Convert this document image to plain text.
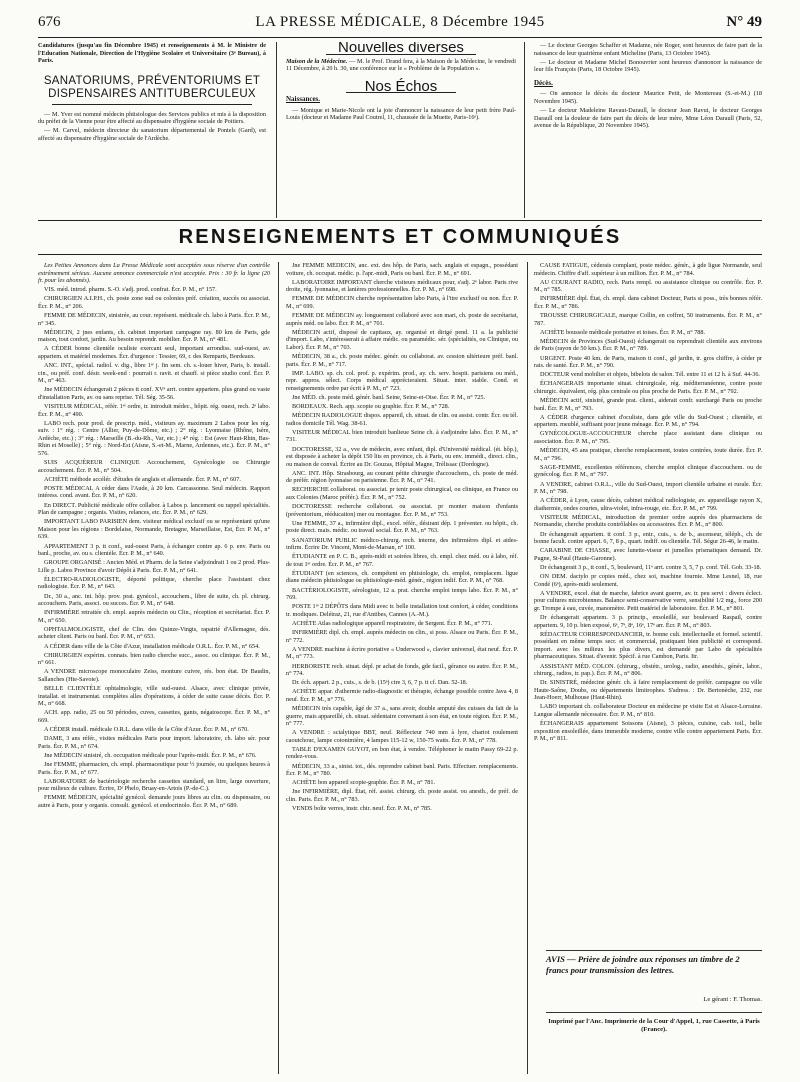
676	LA PRESSE MÉDICALE, 8 Décembre 1945	N° 49

Candidatures (jusqu'au fin Décembre 1945) et renseignements à M. le Ministre de l'Education Nationale, Direction de l'Hygiène Scolaire et Universitaire (3ᵉ Bureau), à Paris.

SANATORIUMS, PRÉVENTORIUMS ET DISPENSAIRES ANTITUBERCULEUX

— M. Yver est nommé médecin phtisiologue des Services publics et mis à la disposition du préfet de la Vienne pour être affecté au dispensaire d'hygiène sociale de Poitiers.

— M. Carvel, médecin directeur du sanatorium départemental de Pontels (Gard), est affecté au dispensaire d'hygiène sociale de l'Ardèche.

Nouvelles diverses

Maison de la Médecine. — M. le Prof. Drand fera, à la Maison de la Médecine, le vendredi 11 Décembre, à 20 h. 30, une conférence sur le « Problème de la Population ».

Nos Échos
Naissances.

— Monique et Marie-Nicole ont la joie d'annoncer la naissance de leur petit frère Paul-Louis (docteur et Madame Paul Coutrel, 11, chaussée de la Muette, Paris-16ᵉ).

— Le docteur Georges Schaffer et Madame, née Roger, sont heureux de faire part de la naissance de leur quatrième enfant Micheline (Paris, 13 Octobre 1945).

— Le docteur et Madame Michel Bonouvrier sont heureux d'annoncer la naissance de leur fils François (Paris, 18 Octobre 1945).

Décès.

— On annonce le décès du docteur Maurice Petit, de Montereau (S.-et-M.) (18 Novembre 1945).

— Le docteur Madeleine Ravaut-Daraull, le docteur Jean Ravut, le docteur Georges Daraull ont la douleur de faire part du décès de leur mère, Mme Léon Daraull (Paris, 52, avenue de la République, 20 Novembre 1945).

RENSEIGNEMENTS ET COMMUNIQUÉS

Les Petites Annonces dans La Presse Médicale sont acceptées sous réserve d'un contrôle extrêmement sérieux. Aucune annonce commerciale n'est acceptée. Prix : 30 fr. la ligne (20 fr. pour les abonnés).

VIS. méd. introd. pharm. S.-O. s'adj. prod. confrat. Écr. P. M., n° 157.

CHIRURGIEN A.I.P.H., ch. poste zone sud ou colonies préf. création, succès ou associat. Écr. P. M., n° 206.

FEMME DE MÉDECIN, sinistrée, au cour. représent. médicale ch. labo à Paris. Écr. P. M., n° 345.

MÉDECIN, 2 jnes enfants, ch. cabinet important campagne ray. 80 km de Paris, gde maison, tout confort, jardin. Au besoin reprendr. mobilier. Écr. P. M., n° 481.

A CÉDER bonne clientèle oculiste exercant seul, important arrondiss. sud-ouest, av. appartem. et matériel modernes. Écr. d'urgence : Tessier, 69, r. des Remparts, Bordeaux.

ANC. INT., spécial. radiol. v. dig., libre 1ᵉʳ j. fin sem. ch. s.-louer hiver, Paris, b. install. cin., ou préf. conf. désir. week-end : pourrait r. ravit. et chauff. si pièce studio conf. Écr. P. M., n° 463.

Jne MÉDECIN échangerait 2 pièces tt conf. XVᵉ arrt. contre appartem. plus grand ou vaste d'installation Paris, av. ou sans reprise. Tél. Ség. 35-56.

VISITEUR MÉDICAL, référ. 1ᵉʳ ordre, tr. introduit médec., hôpit. rég. ouest, rech. 2ᵉ labo. Écr. P. M., n° 490.

LABO rech. pour prod. de prescrip. méd., visiteurs ay. maximum 2 Labos pour les rég. suiv. : 1° rég. : Centre (Allier, Puy-de-Dôme, etc.) ; 2° rég. : Lyonnaise (Rhône, Isère, Ardèche, etc.) ; 3° rég. : Marseille (B.-du-Rh., Var, etc.) ; 4° rég. : Est (avec Haut-Rhin, Bas-Rhin et Moselle) ; 5° rég. : Nord-Est (Aisne, S.-et-M., Marne, Ardennes, etc.). Écr. P. M., n° 576.

SUIS ACQUÉREUR CLINIQUE Accouchement, Gynécologie ou Chirurgie accouchement. Écr. P. M., n° 504.

ACHÈTE méthode accélér. d'études de anglais et allemande. Écr. P. M., n° 607.

POSTE MÉDICAL A céder dans l'Aude, à 20 km. Carcassonne. Seul médecin. Rapport intéress. cond. avant. Écr. P. M., n° 620.

En DIRECT. Publicité médicale offre collabor. à Labos p. lancement ou rappel spécialités. Plan de campagne ; organis. Visites, relances, etc. Écr. P. M., n° 629.

IMPORTANT LABO PARISIEN dem. visiteur médical exclusif ou se représentant qu'une Maison pour les régions : Bordelaise, Normande, Bretagne, Marseillaise, Est, Écr. P. M., n° 639.

APPARTEMENT 3 p. tt conf., sud-ouest Paris, à échanger contre ap. 6 p. env. Paris ou banl., proche, av. ou s. clientèle. Écr. P. M., n° 640.

GROUPE ORGANISÉ : Ancien Méd. et Pharm. de la Seine s'adjoindrait 1 ou 2 prod. Plus-Lille p. Labos Province d'avoir Dépôt à Paris. Écr. P. M., n° 641.

ÉLECTRO-RADIOLOGISTE, déporté politique, cherche place l'assistant chez radiologiste. Écr. P. M., n° 643.

Dr., 30 a., anc. int. hôp. prov. prat. gynécol., accouchem., libre de suite, ch. pl. chirurg. accouchem. Paris, associ. ou succes. Écr. P. M., n° 648.

INFIRMIÈRE retraitée ch. empl. auprès médecin ou Clin., réception et secrétariat. Écr. P. M., n° 650.

OPHTALMOLOGISTE, chef de Clin. des Quinze-Vingts, rapatrié d'Allemagne, dés. acheter client. Paris ou banl. Écr. P. M., n° 653.

A CÉDER dans ville de la Côte d'Azur, installation médicale O.R.L. Écr. P. M., n° 654.

CHIRURGIEN expérim. connais. bien radio cherche succ., assoc. ou clinique. Écr. P. M., n° 661.

A VENDRE microscope monoculaire Zeiss, monture cuivre, rés. bon état. Dr Baudin, Sallanches (Hte-Savoie).

BELLE CLIENTÈLE ophtalmologie, ville sud-ouest. Alsace, avec clinique privée, installat. et instrumentat. complètes alles d'opérations, à céder de suite cause décès. Écr. P. M., n° 668.

ACH. app. radio, 25 ou 50 périodes, cuves, cassettes, gants, négatoscope. Écr. P. M., n° 669.

A CÉDER install. médicale O.R.L. dans ville de la Côte d'Azur. Écr. P. M., n° 670.

DAME, 3 ans référ., visites médicales Paris pour import. laboratoire, ch. labo sér. pour Paris. Écr. P. M., n° 674.

Jne MÉDECIN sinistré, ch. occupation médicale pour l'après-midi. Écr. P. M., n° 676.

Jne FEMME, pharmacien, ch. empl. pharmaceutique pour ½ journée, ou quelques heures à Paris. Écr. P. M., n° 677.

LABORATOIRE de bactériologie recherche cassettes standard, un litre, large ouverture, pour milieux de culture. Écrire, Dʳ Phelo, Bruay-en-Artois (P.-de-C.).

FEMME MÉDECIN, spécialité gynécol. demande jours libres au clin. ou dispensaire, ou autre à Paris, pour y organis. consult. gynécol. et endocrinolo. Écr. P. M., n° 689.

Jne FEMME MÉDECIN, anc. ext. des hôp. de Paris, sach. anglais et espagn., possédant voiture, ch. occupat. médic. p. l'apr.-midi, Paris ou banl. Écr. P. M., n° 691.

LABORATOIRE IMPORTANT cherche visiteurs médicaux pour, s'adj. 2ᵉ labor. Paris rive droite, rég. lyonnaise, et lanières professionnelles. Écr. P. M., n° 698.

FEMME DE MÉDECIN cherche représentation labo Paris, à l'itre exclusif ou non. Écr. P. M., n° 699.

FEMME DE MÉDECIN ay. longuement collaboré avec son mari, ch. poste de secrétariat, auprès méd. ou labo. Écr. P. M., n° 701.

MÉDECIN actif, disposé de capitaux, ay. organisé et dirigé pend. 11 a. la publicité d'import. Labo, s'intéresserait à affaire médic. ou paramédic. sér. (spécialités, ou Clinique, ou Labor). Écr. P. M., n° 703.

MÉDECIN, 38 a., ch. poste médec. génér. ou collaborat. av. cession ultérieure préf. banl. paris. Écr. P. M., n° 717.

IMP. LABO. sp. ch. col. prof. p. expérim. prod., ay. ch. serv. hospit. parisiens ou méd., repr. appros. sélect. Corps médical apprécieraient. Situat. inter. stable. Cond. et renseignements ordre par écrit à P. M., n° 723.

Jne MÉD. ch. poste méd. génér. banl. Seine, Seine-et-Oise. Écr. P. M., n° 725.

BORDEAUX. Rech. app. scopie ou graphie. Écr. P. M., n° 728.

MÉDECIN RADIOLOGUE dispos. appareil, ch. situat. de clin. ou assist. contr. Écr. ou tél. radios domicile Tél. Wag. 38-61.

VISITEUR MÉDICAL bien introduit banlieue Seine ch. à s'adjoindre labo. Écr. P. M., n° 731.

DOCTORESSE, 32 a., vve de médecin, avec enfant, dipl. d'Université médical. (ét. hôp.), est disposée à acheter la dépôt 150 lits en province, ch. à Paris, ou env. immédi., direct. clin., ou maison de conval. Écrire au Dr. Gouzas, Hôpital Magne, Trélissac (Dordogne).

ANC. INT. Hôp. Strasbourg, au courant pétite chirurgie d'accouchem., ch. poste de méd. de préfér. région lyonnaise ou parisienne. Écr. P. M., n° 741.

RECHERCHE collaborat. ou associat. pr tenir poste chirurgical, ou clinique, en France ou aux Colonies (Maroc préfér.). Écr. P. M., n° 752.

DOCTORESSE recherche collaborat. ou associat. pr monter maison d'enfants (préventorium, rééducation) mer ou montagne. Écr. P. M., n° 753.

Une FEMME, 37 a., infirmière dipl., excel. référ., désirant dép. 1 préventer. ou hôpit., ch. poste direct. mais. médic. ou travail social. Écr. P. M., n° 763.

SANATORIUM PUBLIC médico-chirurg. rech. interne, des infirmières dipl. et aides-infirm. Écrire Dr. Vincent, Mont-de-Marsan, n° 100.

ÉTUDIANTE en P. C. B., après-midi et soirées libres, ch. empl. chez méd. ou à labo, réf. de tout 1ᵉʳ ordre. Écr. P. M., n° 767.

ÉTUDIANT (en sciences, ch. compétent en phtisiologie, ch. emploi, remplacem. ligue diane médecin phtisiologue ou phtisiologie-méd. génér., région indif. Écr. P. M., n° 768.

BACTÉRIOLOGISTE, sérologiste, 12 a. prat. cherche emploi temps labo. Écr. P. M., n° 769.

POSTE 1ʳᵉ 2 DÉPÔTS dans Midi avec tr. belle installation tout confort, à céder, conditions tr. modiques. Delétraz, 21, rue d'Antibes, Cannes (A.-M.).

ACHÈTE Atlas radiologique appareil respiratoire, de Sergent. Écr. P. M., n° 771.

INFIRMIÈRE dipl. ch. empl. auprès médecin ou clin., si poss. Alsace ou Paris. Écr. P. M., n° 772.

A VENDRE machine à écrire portative « Underwood », clavier universel, état neuf. Écr. P. M., n° 773.

HERBORISTE rech. situat. dépl. pr achat de fonds, gde facil., gérance ou autre. Écr. P. M., n° 774.

Dr. éch. appart. 2 p., cuis., s. de b. (15ᵉ) ctre 3, 6, 7 p. tt cf. Dan. 52-18.

ACHÈTE appar. d'athermie radio-diagnostic et thérapie, échange possible contre Java 4, 8 neuf. Écr. P. M., n° 776.

MÉDECIN très capable, âgé de 37 a., sans avoir, double amputé des cuisses du fait de la guerre, mais appareillé, ch. situat. sédentaire convenant à son état, en toute région. Écr. P. M., n° 777.

A VENDRE : scialytique BBT, neuf. Réflecteur 740 mm à lyre, chariot roulement caoutchouc, lampe cotonimière, 4 lampes 115-12 w, 150-75 watts. Écr. P. M., n° 778.

TABLE D'EXAMEN GUYOT, en bon état, à vendre. Téléphoner le matin Passy 69-22 p. rendez-vous.

MÉDECIN, 33 a., sinist. tot., dés. reprendre cabinet banl. Paris. Effectuer. remplacements. Écr. P. M., n° 780.

ACHÈTE bon appareil scopie-graphie. Écr. P. M., n° 781.

Jne INFIRMIÈRE, dipl. État, réf. assist. chirurg. ch. poste assist. ou anesth., de préf. de clin. Paris. Écr. P. M., n° 783.

VENDS boîte verres, instr. chir. neuf. Écr. P. M., n° 785.

CAUSE FATIGUE, céderais complant, poste médec. génér., à gde ligue Normande, seul médecin. Chiffre d'aff. supérieur à un million. Écr. P. M., n° 784.

AU COURANT RADIO, rech. Paris rempl. ou assistance clinique ou contrôle. Écr. P. M., n° 785.

INFIRMIÈRE dipl. État, ch. empl. dans cabinet Docteur, Paris si poss., très bonnes référ. Écr. P. M., n° 786.

TROUSSE CHIRURGICALE, marque Collin, en coffret, 50 instruments. Écr. P. M., n° 787.

ACHÈTE boussole médicale portative et toises. Écr. P. M., n° 788.

MÉDECIN de Provinces (Sud-Ouest) échangerait ou reprendrait clientèle aux environs de Paris (rayon de 50 km.). Écr. P. M., n° 789.

URGENT. Poste 40 km. de Paris, maison tt conf., gd jardin, tr. gros chiffre, à céder pr rais. de santé. Écr. P. M., n° 790.

DOCTEUR vend mobilier et objets, bibelots de salon. Tél. entre 11 et 12 h. à Suf. 44-36.

ÉCHANGERAIS importante situat. chirurgicale, rég. méditerranéenne, contre poste chirurgic. équivalent, rég. plus centrale ou plus proche de Paris. Écr. P. M., n° 792.

MÉDECIN actif, sinistré, grande prat. client., aiderait confr. surchargé Paris ou proche banl. Écr. P. M., n° 793.

A CÉDER d'urgence cabinet d'oculiste, dans gde ville du Sud-Ouest ; clientèle, et appartem. meublé, suffisant pour jeune ménage. Écr. P. M., n° 794.

GYNÉCOLOGUE-ACCOUCHEUR cherche place assistant dans clinique ou association. Écr. P. M., n° 795.

MÉDECIN, 45 ans pratique, cherche remplacement, toutes contrées, toute durée. Écr. P. M., n° 796.

SAGE-FEMME, excellentes références, cherche emploi clinique d'accouchem. ou de gynécolog. Écr. P. M., n° 797.

A VENDRE, cabinet O.R.L., ville du Sud-Ouest, import clientèle urbaine et rurale. Écr. P. M., n° 798.

A CÉDER, à Lyon, cause décès, cabinet médical radiologiste, av. appareillage rayon X, diathermie, ondes courtes, ultra-violet, infra-rouge, etc. Écr. P. M., n° 799.

VISITEUR MÉDICAL, introduction de premier ordre auprès des pharmaciens de Normandie, cherche produits contrôlables ou accessoires. Écr. P. M., n° 800.

Dr échangerait appartem. tt conf. 3 p., entr., cuis., s. de b., ascenseur, téléph., ch. de bonne facult. contre appart. 6, 7, 8 p., quart. indiff. ou clientèle. Tél. Ségur 26-46, le matin.

CARABINE DE CHASSE, avec lunette-viseur et jumelles prismatiques demand. Dr. Pugne, St-Paul (Haute-Garonne).

Dr échangerait 3 p., tt conf., 5, boulevard, 11ᵉ arrt. contre 3, 5, 7 p. conf. Tél. Gob. 33-18.

ON DEM. dactylo pr copies méd., chez soi, machine fournie. Mme Lesnel, 18, rue Condé (6ᵉ), après-midi seulement.

A VENDRE, excel. état de marche, fabrice avant guerre, av. tr. peu servi : divers éclect. pour cultures microbiennes. Balance semi-conservative verre, sensibilité 1/2 mg., force 200 gr. Trompe à eau, cuvée, manomètre. Petit matériel de laboratoire. Écr. P. M., n° 801.

Dr échangerait appartem. 3 p. princip., ensoleillé, sur boulevard Raspail, contre appartem. 9, 10 p. bien exposé, 6ᵉ, 7ᵉ, 8ᵉ, 16ᵉ, 17ᵉ arr. Écr. P. M., n° 803.

RÉDACTEUR CORRESPONDANCIER, tr. bonne cult. intellectuelle et formel. scientif. possédant en même temps secr. et commercial, pratiquant bien publicité et correspond. import. avec les milieux les plus divers, est demandé par Labo de spécialités pharmaceutiques. Situat. d'avenir. Spécif. à rue Cambon, Paris. Itr.

ASSISTANT MÉD. COLON. (chirurg., obstétr., urolog., radio, anesthés., génér., labor., chirurg., radios, tr. pap.). Écr. P. M., n° 806.

Dr. SINISTRÉ, médecine génér. ch. à faire remplacement de préfér. campagne ou ville Haute-Saône, Doubs, ou départements limitrophes. S'adress. : Dr. Bertonèche, 232, rue Jean-Hoerr, Mulhouse (Haut-Rhin).

LABO important ch. collaborateur Docteur en médecine pr visite Est et Alsace-Lorraine. Langue allemande nécessaire. Écr. P. M., n° 810.

ÉCHANGERAIS appartement Soissons (Aisne), 3 pièces, cuisine, cab. toil., belle exposition ensoleillée, dans immeuble moderne, contre ville contre appartement Paris. Écr. P. M., n° 811.

AVIS — Prière de joindre aux réponses un timbre de 2 francs pour transmission des lettres.
Le gérant : F. Thomas.
Imprimé par l'Anc. Imprimerie de la Cour d'Appel, 1, rue Cassette, à Paris (France).
